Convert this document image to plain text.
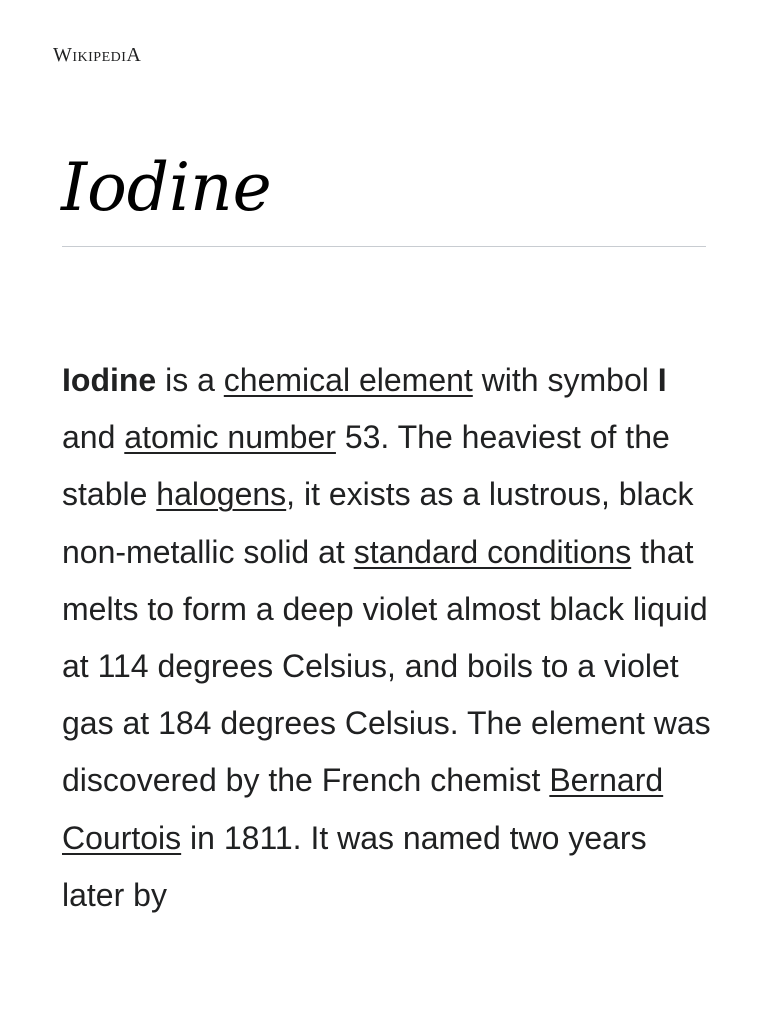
WikipediA
Iodine

Iodine is a chemical element with symbol I and atomic number 53. The heaviest of the stable halogens, it exists as a lustrous, black non-metallic solid at standard conditions that melts to form a deep violet almost black liquid at 114 degrees Celsius, and boils to a violet gas at 184 degrees Celsius. The element was discovered by the French chemist Bernard Courtois in 1811. It was named two years later by
